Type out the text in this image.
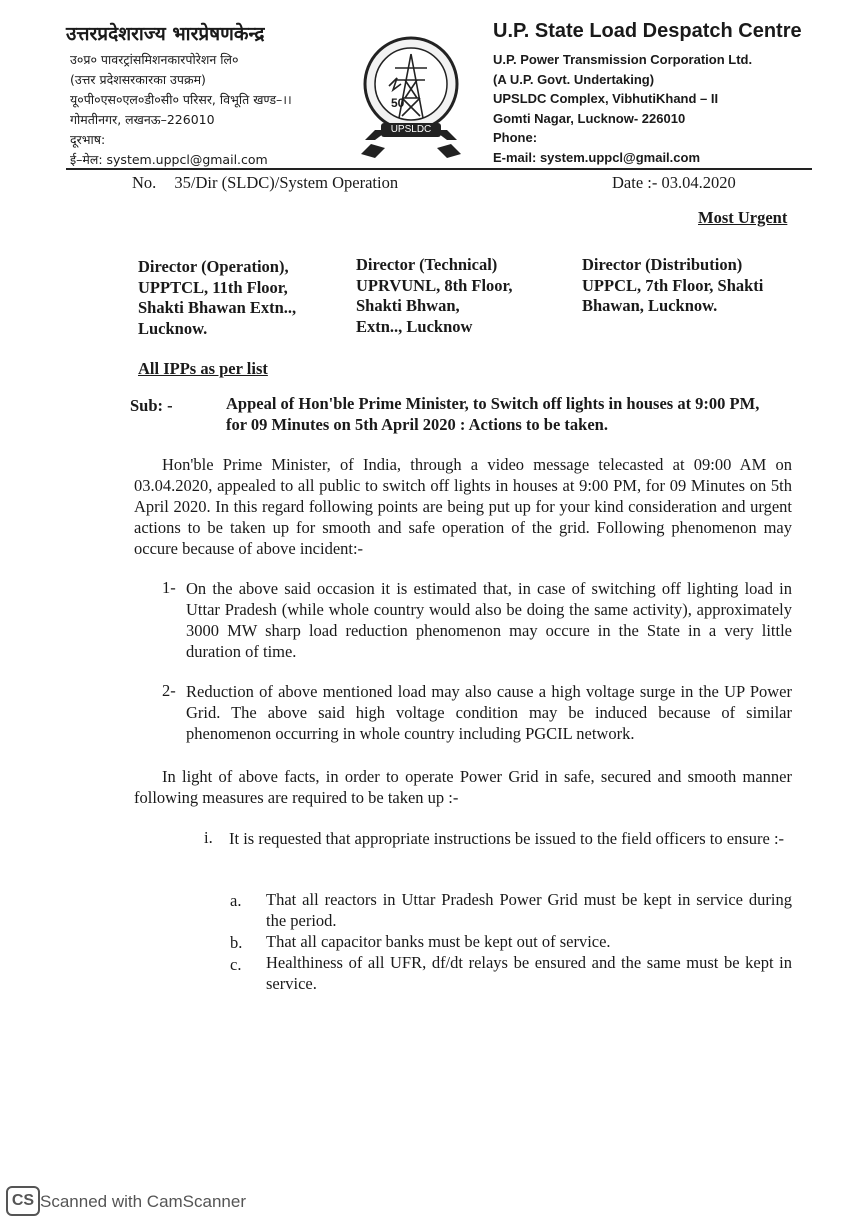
उत्तरप्रदेशराज्य भारप्रेषणकेन्द्र
उ०प्र० पावरट्रांसमिशनकारपोरेशन लि०
(उत्तर प्रदेशसरकारका उपक्रम)
यू०पी०एस०एल०डी०सी० परिसर, विभूति खण्ड–।।
गोमतीनगर, लखनऊ–226010
दूरभाष:
ई–मेल: system.uppcl@gmail.com
UPSLDC
50
U.P. State Load Despatch Centre
U.P. Power Transmission Corporation Ltd.
(A U.P. Govt. Undertaking)
UPSLDC Complex, VibhutiKhand – II
Gomti Nagar, Lucknow- 226010
Phone:
E-mail: system.uppcl@gmail.com
No. 35/Dir (SLDC)/System Operation	Date :- 03.04.2020
Most Urgent
Director (Operation),
UPPTCL, 11th Floor,
Shakti Bhawan Extn..,
Lucknow.
Director (Technical)
UPRVUNL, 8th Floor,
Shakti Bhwan,
Extn.., Lucknow
Director (Distribution)
UPPCL, 7th Floor, Shakti
Bhawan, Lucknow.
All IPPs as per list
Sub: -	Appeal of Hon'ble Prime Minister, to Switch off lights in houses at 9:00 PM,
for 09 Minutes on 5th April 2020 : Actions to be taken.
Hon'ble Prime Minister, of India, through a video message telecasted at 09:00 AM on 03.04.2020, appealed to all public to switch off lights in houses at 9:00 PM, for 09 Minutes on 5th April 2020. In this regard following points are being put up for your kind consideration and urgent actions to be taken up for smooth and safe operation of the grid. Following phenomenon may occure because of above incident:-
1- On the above said occasion it is estimated that, in case of switching off lighting load in Uttar Pradesh (while whole country would also be doing the same activity), approximately 3000 MW sharp load reduction phenomenon may occure in the State in a very little duration of time.
2- Reduction of above mentioned load may also cause a high voltage surge in the UP Power Grid. The above said high voltage condition may be induced because of similar phenomenon occurring in whole country including PGCIL network.
In light of above facts, in order to operate Power Grid in safe, secured and smooth manner following measures are required to be taken up :-
i. It is requested that appropriate instructions be issued to the field officers to ensure :-
a. That all reactors in Uttar Pradesh Power Grid must be kept in service during the period.
b. That all capacitor banks must be kept out of service.
c. Healthiness of all UFR, df/dt relays be ensured and the same must be kept in service.
CS Scanned with CamScanner
